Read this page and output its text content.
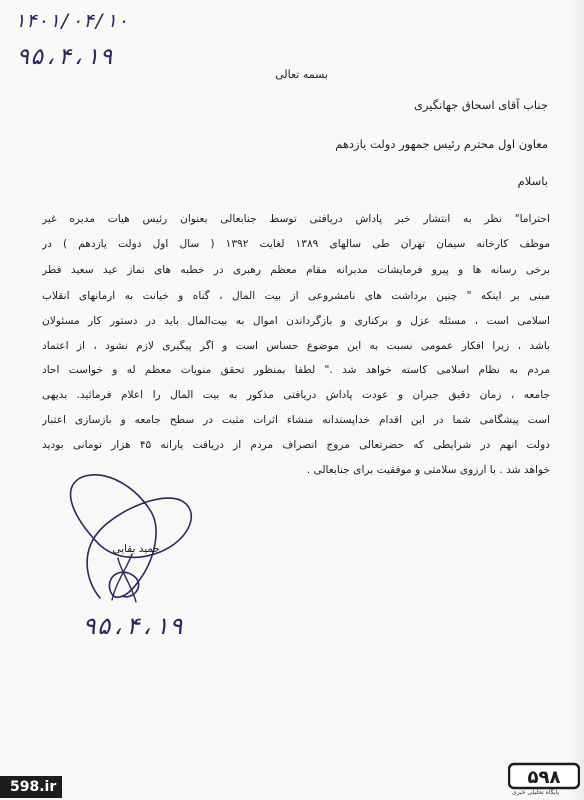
۱۴۰۱/۰۴/۱۰
۹۵،۴،۱۹
بسمه تعالی
جناب آقای اسحاق جهانگیری
معاون اول محترم رئیس جمهور دولت یازدهم
باسلام
احتراماً" نظر به انتشار خبر پاداش دریافتی توسط جنابعالی بعنوان رئیس هیات مدیره غیر
موظف کارخانه سیمان تهران طی سالهای ۱۳۸۹ لغایت ۱۳۹۲ ( سال اول دولت یازدهم ) در
برخی رسانه ها و پیرو فرمایشات مدبرانه مقام معظم رهبری در خطبه های نماز عید سعید فطر
مبنی بر اینکه " چنین برداشت های نامشروعی از بیت المال ، گناه و خیانت به آرمانهای انقلاب
اسلامی است ، مسئله عزل و برکناری و بازگرداندن اموال به بیت‌المال باید در دستور کار مسئولان
باشد ، زیرا افکار عمومی نسبت به این موضوع حساس است و اگر پیگیری لازم نشود ، از اعتماد
مردم به نظام اسلامی کاسته خواهد شد ." لطفاً بمنظور تحقق منویات معظم له و خواست آحاد
جامعه ، زمان دقیق جبران و عودت پاداش دریافتی مذکور به بیت المال را اعلام فرمائید. بدیهی
است پیشگامی شما در این اقدام خداپسندانه منشاء اثرات مثبت در سطح جامعه و بازسازی اعتبار
دولت آنهم در شرایطی که حضرتعالی مروج انصراف مردم از دریافت یارانه ۴۵ هزار تومانی بودید
خواهد شد . با آرزوی سلامتی و موفقیت برای جنابعالی .
حمید بقایی
۹۵،۴،۱۹
598.ir	۵۹۸
پایگاه تحلیلی خبری
